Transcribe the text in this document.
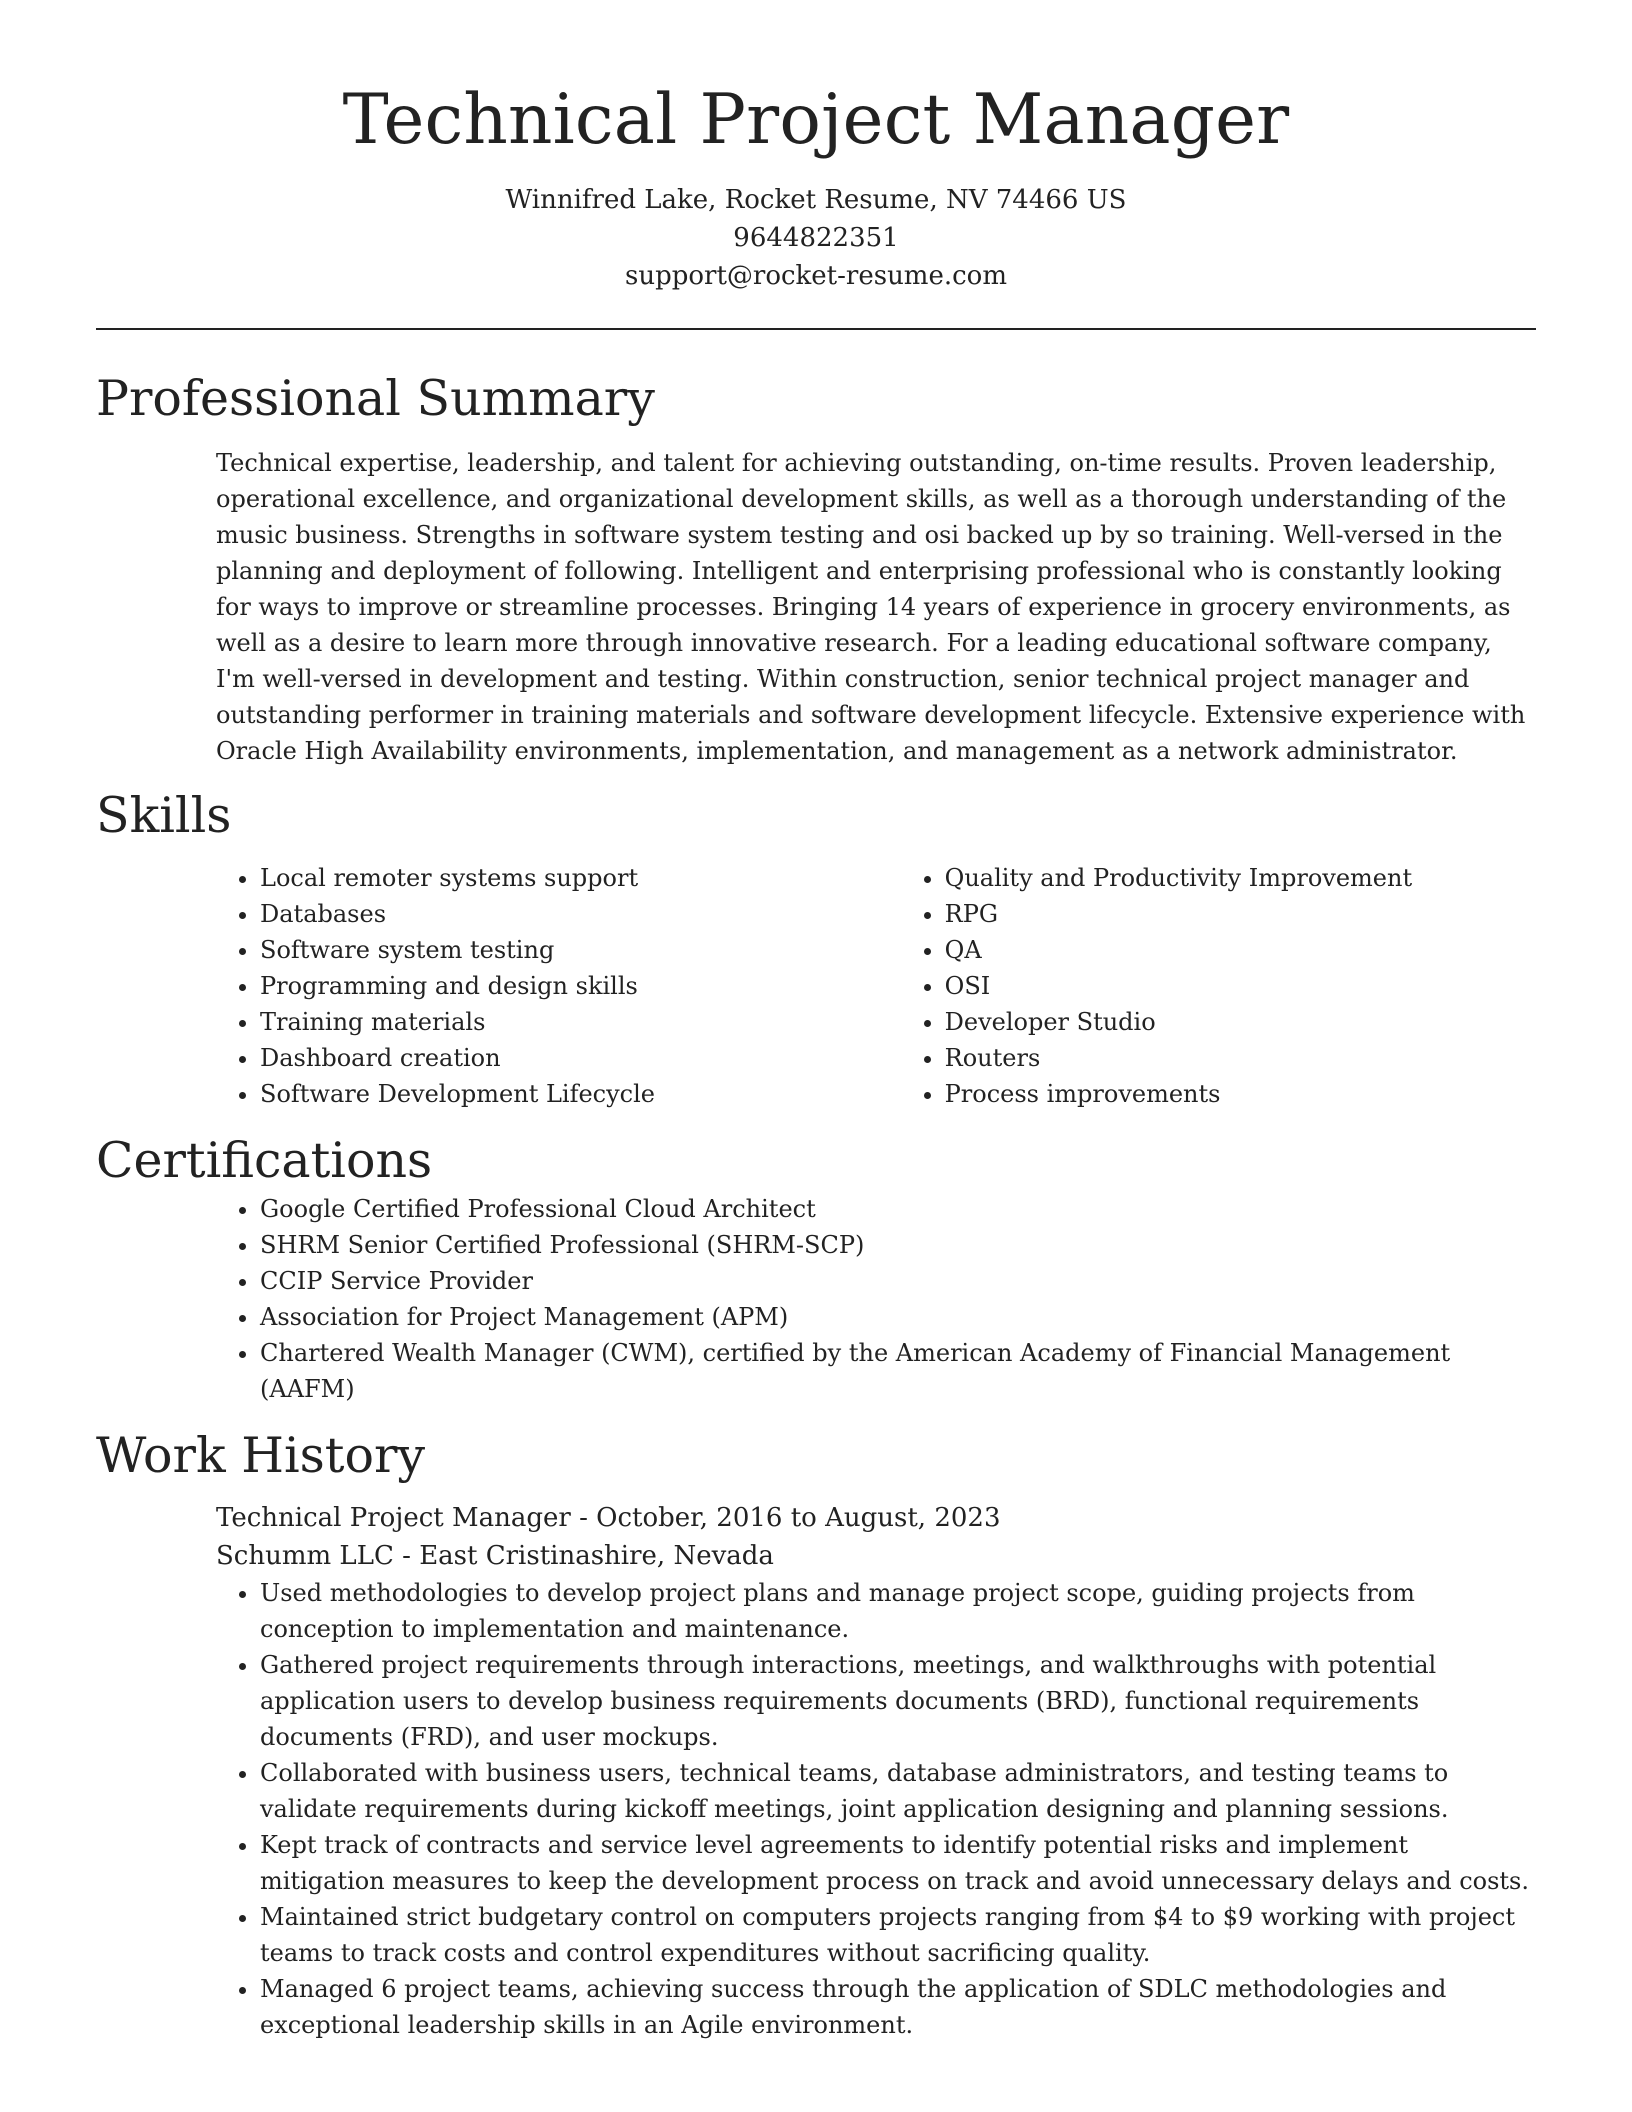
Technical Project Manager
Winnifred Lake, Rocket Resume, NV 74466 US
9644822351
support@rocket-resume.com
Professional Summary

Technical expertise, leadership, and talent for achieving outstanding, on-time results. Proven leadership, operational excellence, and organizational development skills, as well as a thorough understanding of the music business. Strengths in software system testing and osi backed up by so training. Well-versed in the planning and deployment of following. Intelligent and enterprising professional who is constantly looking for ways to improve or streamline processes. Bringing 14 years of experience in grocery environments, as well as a desire to learn more through innovative research. For a leading educational software company, I'm well-versed in development and testing. Within construction, senior technical project manager and outstanding performer in training materials and software development lifecycle. Extensive experience with Oracle High Availability environments, implementation, and management as a network administrator.

Skills
• Local remoter systems support
• Databases
• Software system testing
• Programming and design skills
• Training materials
• Dashboard creation
• Software Development Lifecycle
• Quality and Productivity Improvement
• RPG
• QA
• OSI
• Developer Studio
• Routers
• Process improvements
Certifications
• Google Certified Professional Cloud Architect
• SHRM Senior Certified Professional (SHRM-SCP)
• CCIP Service Provider
• Association for Project Management (APM)
• Chartered Wealth Manager (CWM), certified by the American Academy of Financial Management (AAFM)
Work History
Technical Project Manager - October, 2016 to August, 2023
Schumm LLC - East Cristinashire, Nevada
• Used methodologies to develop project plans and manage project scope, guiding projects from conception to implementation and maintenance.
• Gathered project requirements through interactions, meetings, and walkthroughs with potential application users to develop business requirements documents (BRD), functional requirements documents (FRD), and user mockups.
• Collaborated with business users, technical teams, database administrators, and testing teams to validate requirements during kickoff meetings, joint application designing and planning sessions.
• Kept track of contracts and service level agreements to identify potential risks and implement mitigation measures to keep the development process on track and avoid unnecessary delays and costs.
• Maintained strict budgetary control on computers projects ranging from $4 to $9 working with project teams to track costs and control expenditures without sacrificing quality.
• Managed 6 project teams, achieving success through the application of SDLC methodologies and exceptional leadership skills in an Agile environment.
